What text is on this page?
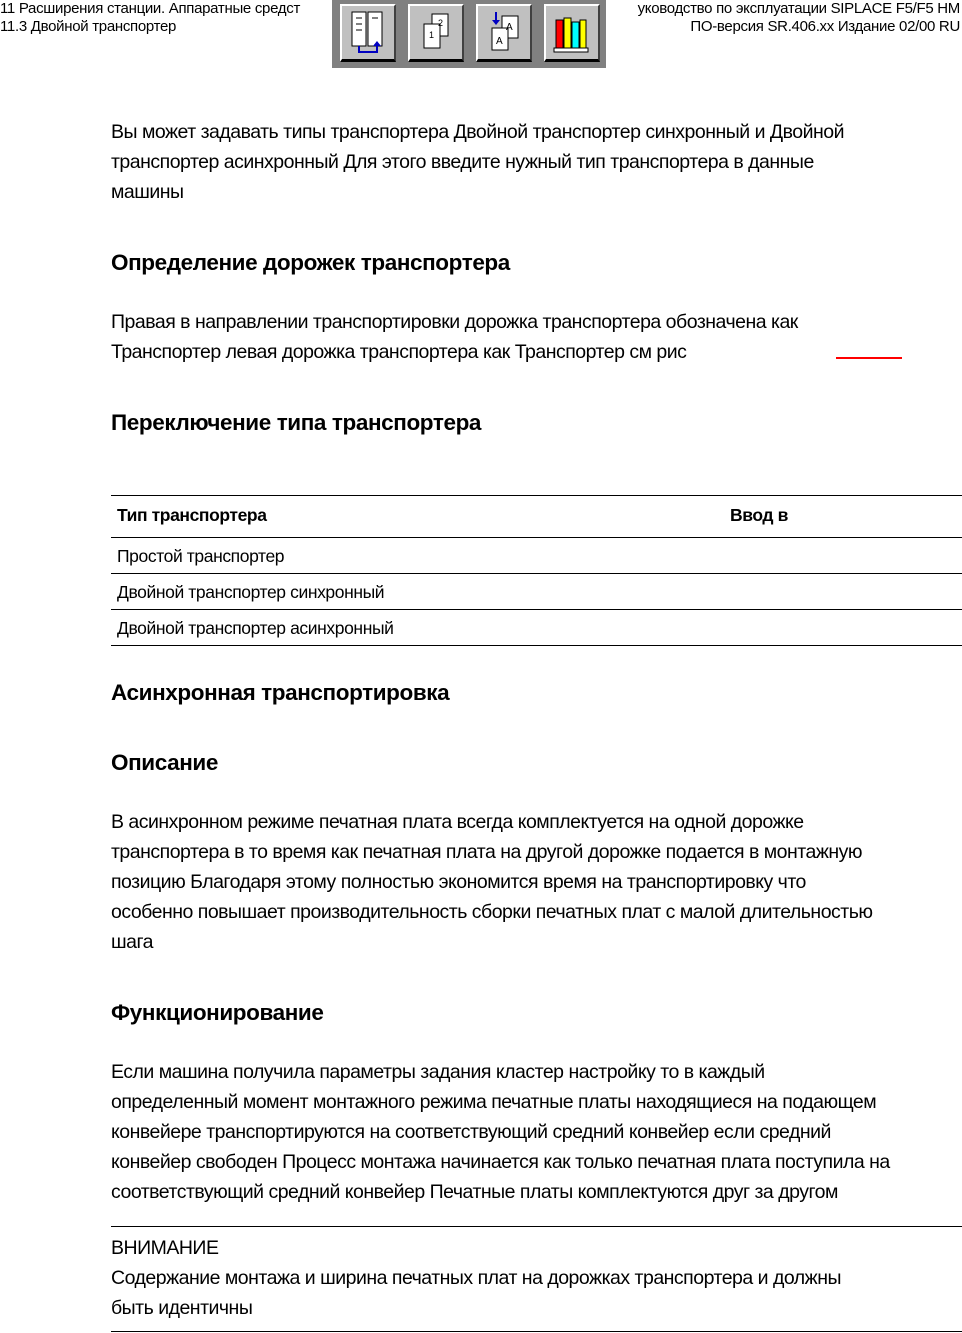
11 Расширения станции. Аппаратные средст
11.3 Двойной транспортер
уководство по эксплуатации SIPLACE F5/F5 HM
ПО-версия SR.406.xx Издание 02/00 RU
2
1
A
A
Вы может задавать типы транспортера Двойной транспортер синхронный и Двойной
транспортер асинхронный Для этого введите нужный тип транспортера в данные
машины
Определение дорожек транспортера
Правая в направлении транспортировки дорожка транспортера обозначена как
Транспортер левая дорожка транспортера как Транспортер см рис
Переключение типа транспортера
Тип транспортера	Ввод в
Простой транспортер
Двойной транспортер синхронный
Двойной транспортер асинхронный
Асинхронная транспортировка
Описание
В асинхронном режиме печатная плата всегда комплектуется на одной дорожке
транспортера в то время как печатная плата на другой дорожке подается в монтажную
позицию Благодаря этому полностью экономится время на транспортировку что
особенно повышает производительность сборки печатных плат с малой длительностью
шага
Функционирование
Если машина получила параметры задания кластер настройку то в каждый
определенный момент монтажного режима печатные платы находящиеся на подающем
конвейере транспортируются на соответствующий средний конвейер если средний
конвейер свободен Процесс монтажа начинается как только печатная плата поступила на
соответствующий средний конвейер Печатные платы комплектуются друг за другом
ВНИМАНИЕ
Содержание монтажа и ширина печатных плат на дорожках транспортера и должны
быть идентичны
